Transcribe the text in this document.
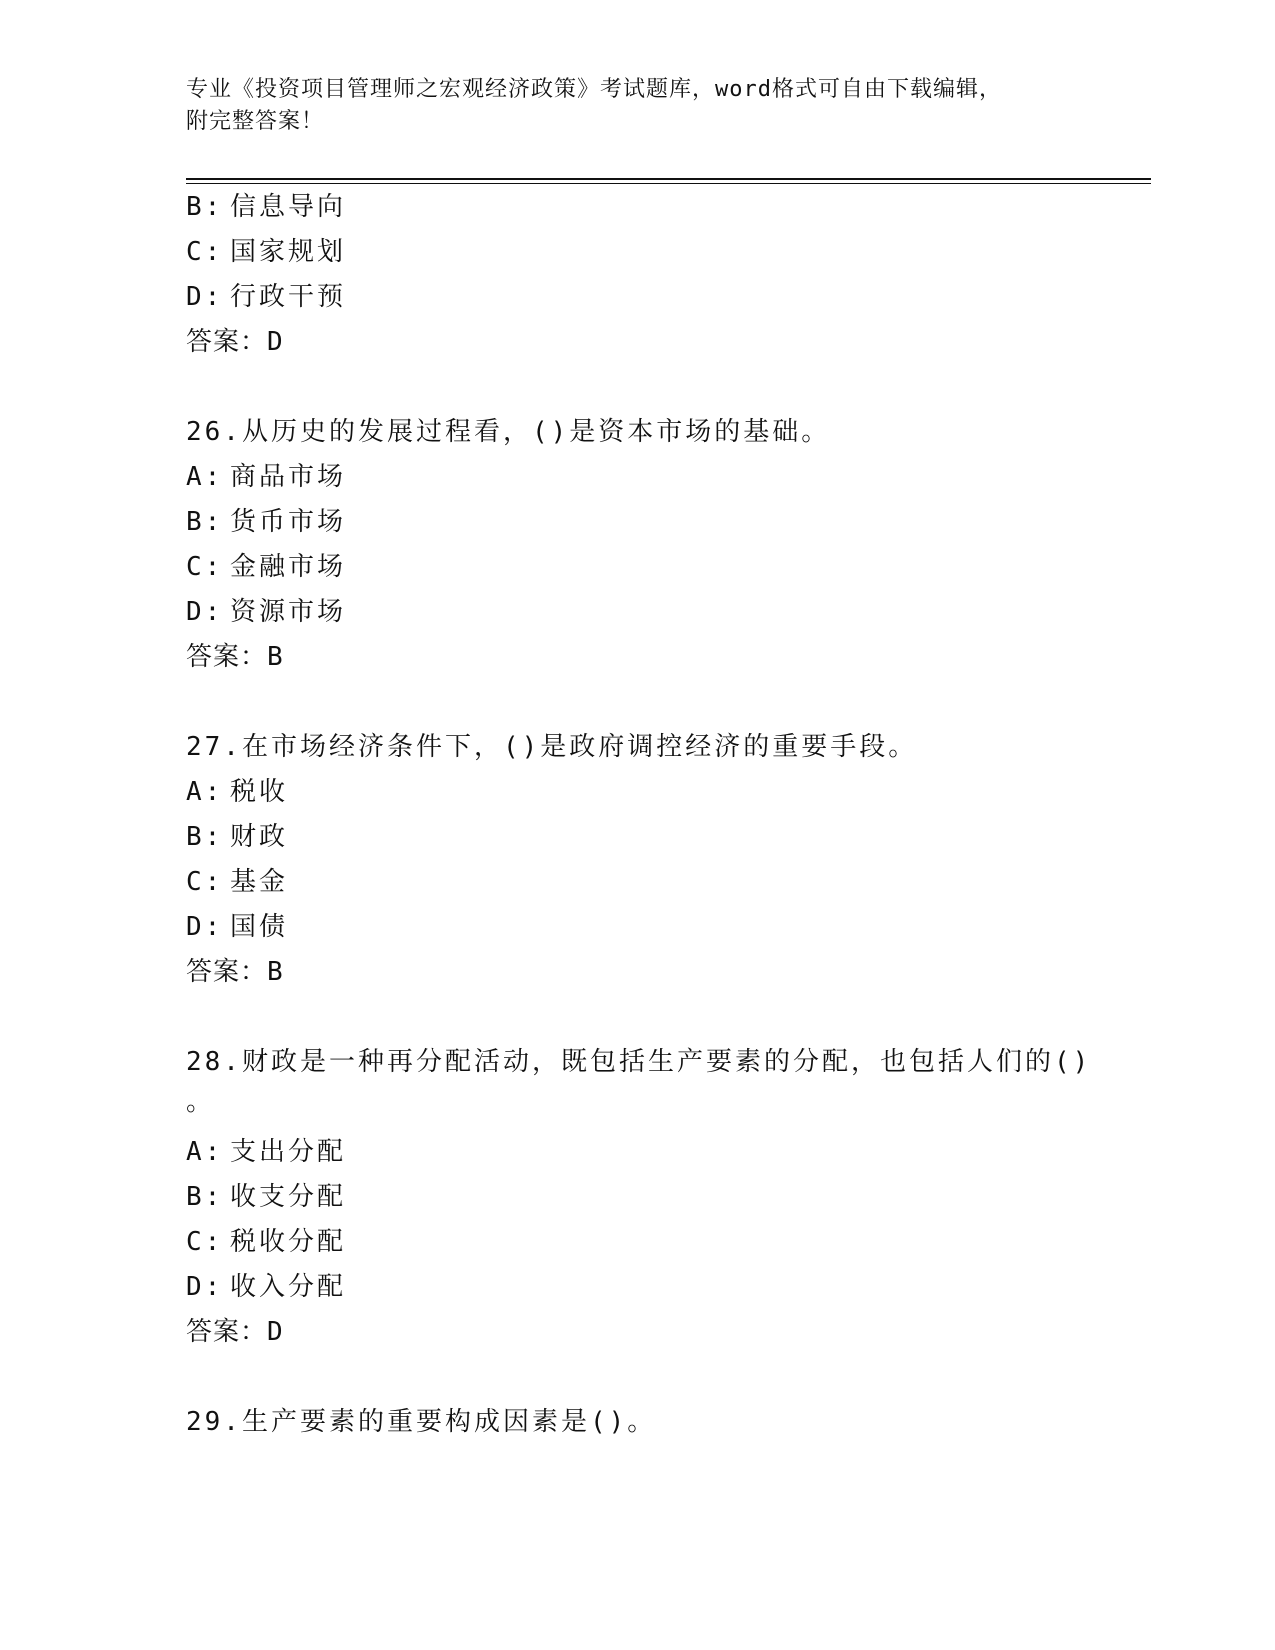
专业《投资项目管理师之宏观经济政策》考试题库，word格式可自由下载编辑，
附完整答案！
B: 信息导向
C: 国家规划
D: 行政干预
答案：D
26.从历史的发展过程看，()是资本市场的基础。
A: 商品市场
B: 货币市场
C: 金融市场
D: 资源市场
答案：B
27.在市场经济条件下，()是政府调控经济的重要手段。
A: 税收
B: 财政
C: 基金
D: 国债
答案：B
28.财政是一种再分配活动，既包括生产要素的分配，也包括人们的()
。
A: 支出分配
B: 收支分配
C: 税收分配
D: 收入分配
答案：D
29.生产要素的重要构成因素是()。
